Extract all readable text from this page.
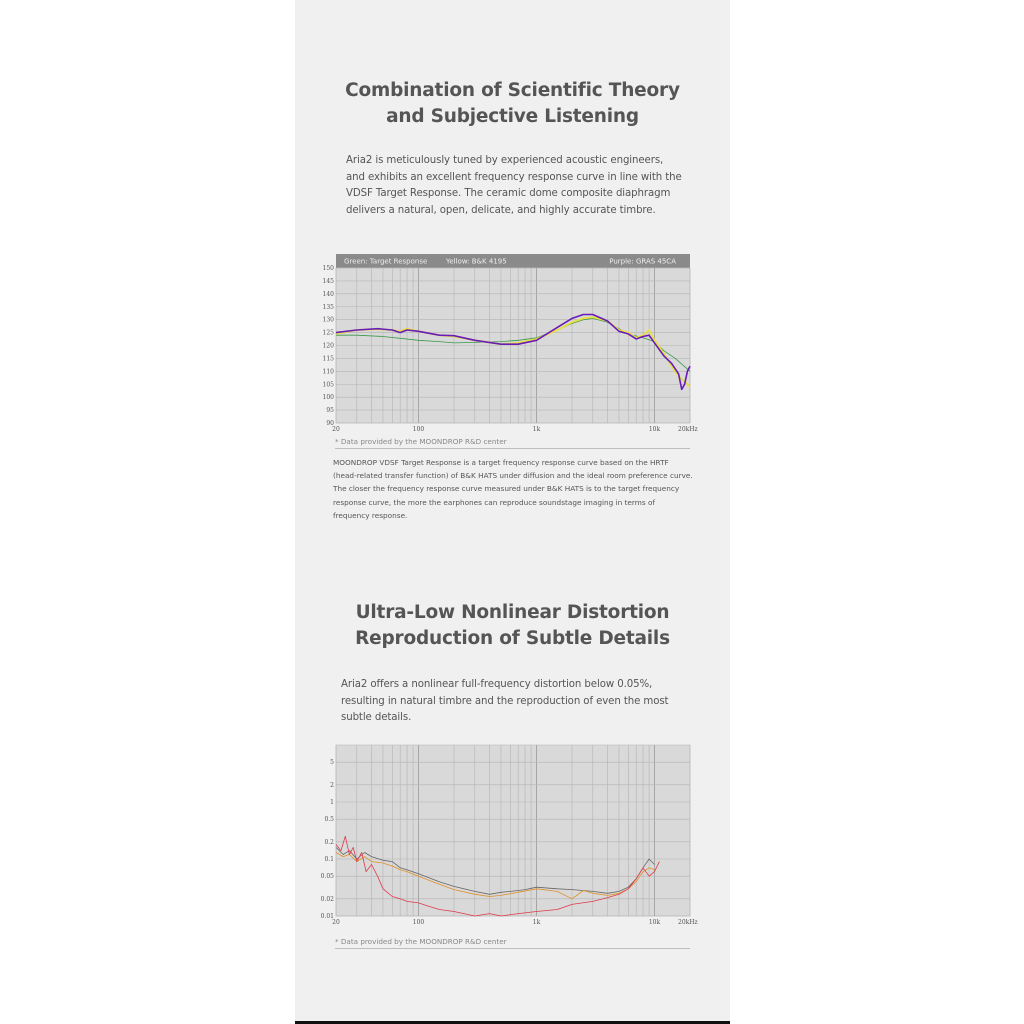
Combination of Scientific Theory
and Subjective Listening
Aria2 is meticulously tuned by experienced acoustic engineers, and exhibits an excellent frequency response curve in line with the VDSF Target Response. The ceramic dome composite diaphragm delivers a natural, open, delicate, and highly accurate timbre.
Green: Target Response	Yellow: B&K 4195	Purple: GRAS 45CA
90
95
100
105
110
115
120
125
130
135
140
145
150
20	100	1k	10k	20kHz
* Data provided by the MOONDROP R&D center
MOONDROP VDSF Target Response is a target frequency response curve based on the HRTF (head-related transfer function) of B&K HATS under diffusion and the ideal room preference curve. The closer the frequency response curve measured under B&K HATS is to the target frequency response curve, the more the earphones can reproduce soundstage imaging in terms of frequency response.
Ultra-Low Nonlinear Distortion
Reproduction of Subtle Details
Aria2 offers a nonlinear full-frequency distortion below 0.05%, resulting in natural timbre and the reproduction of even the most subtle details.
0.01
0.02
0.05
0.1
0.2
0.5
1
2
5
20	100	1k	10k	20kHz
* Data provided by the MOONDROP R&D center
